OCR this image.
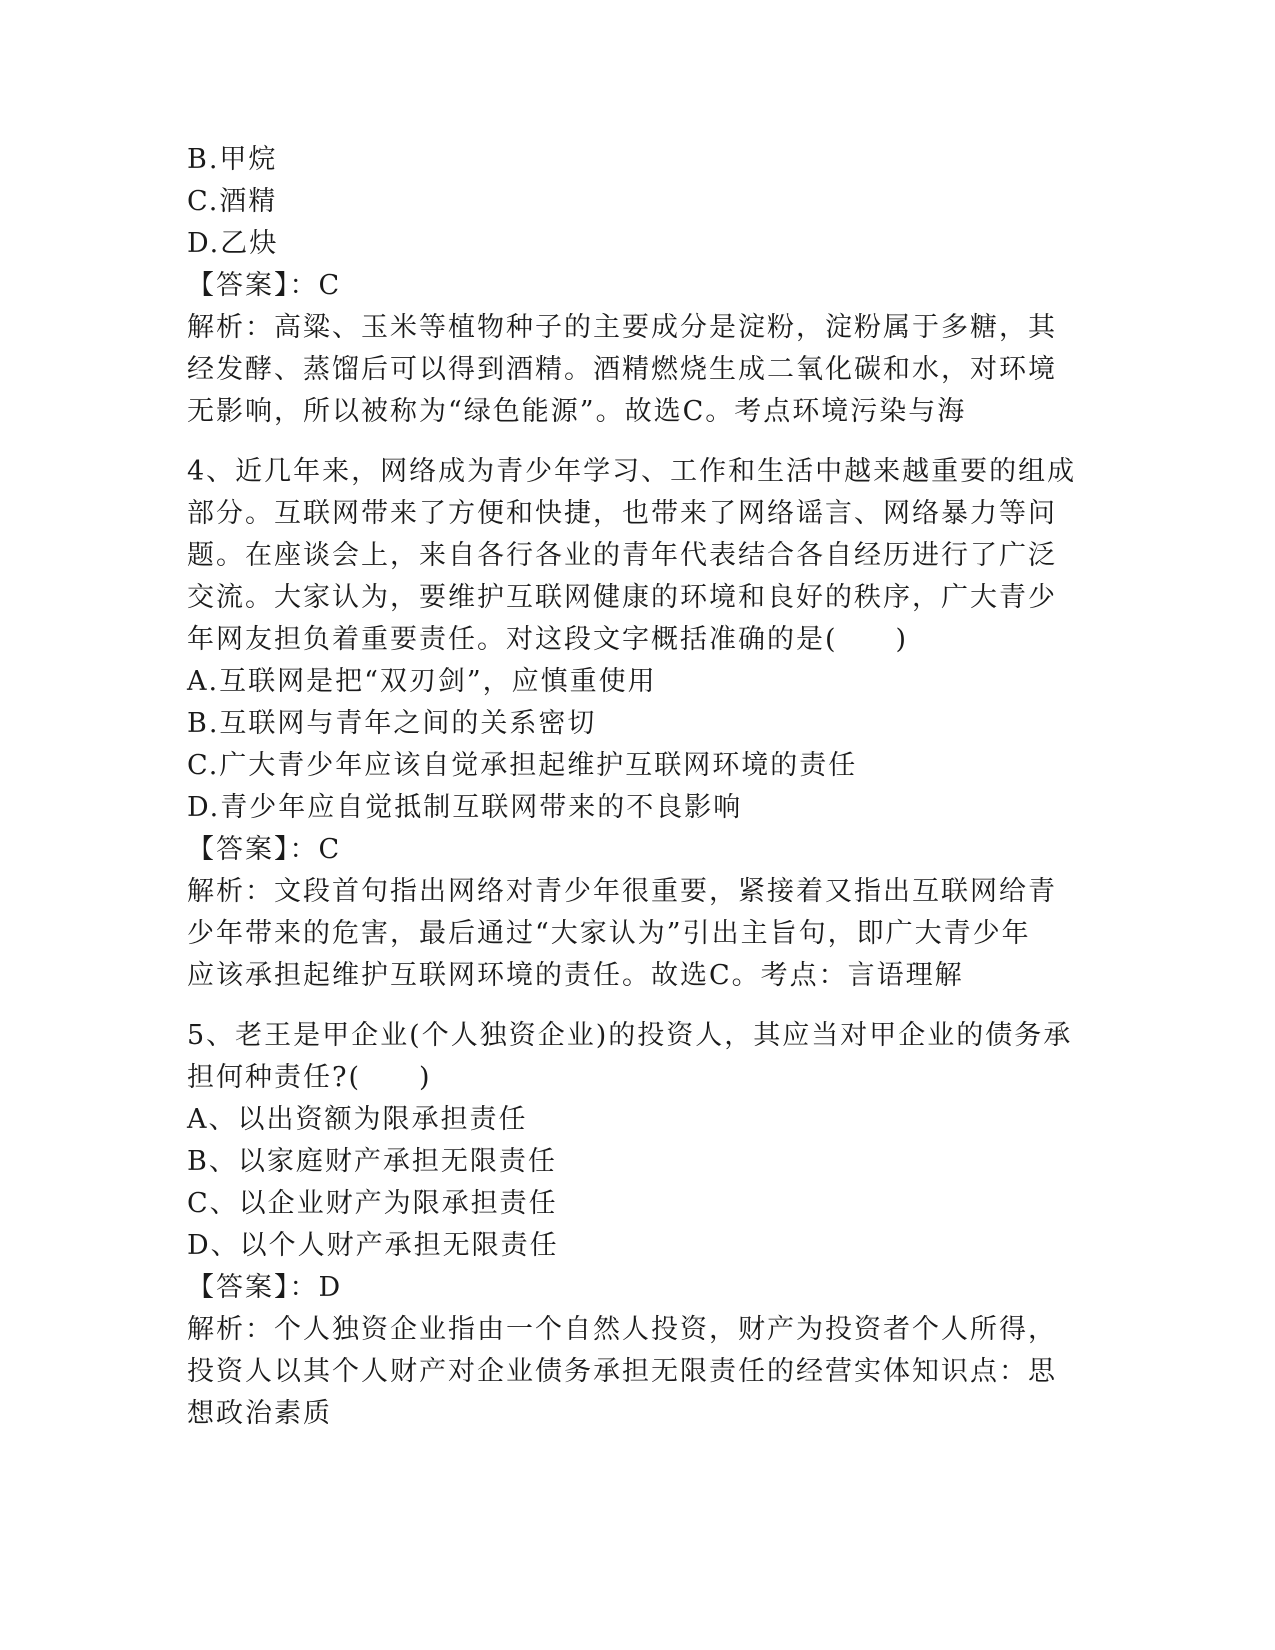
B.甲烷
C.酒精
D.乙炔
【答案】：C
解析：高粱、玉米等植物种子的主要成分是淀粉，淀粉属于多糖，其
经发酵、蒸馏后可以得到酒精。酒精燃烧生成二氧化碳和水，对环境
无影响，所以被称为“绿色能源”。故选C。考点环境污染与海
4、近几年来，网络成为青少年学习、工作和生活中越来越重要的组成
部分。互联网带来了方便和快捷，也带来了网络谣言、网络暴力等问
题。在座谈会上，来自各行各业的青年代表结合各自经历进行了广泛
交流。大家认为，要维护互联网健康的环境和良好的秩序，广大青少
年网友担负着重要责任。对这段文字概括准确的是(　　)
A.互联网是把“双刃剑”，应慎重使用
B.互联网与青年之间的关系密切
C.广大青少年应该自觉承担起维护互联网环境的责任
D.青少年应自觉抵制互联网带来的不良影响
【答案】：C
解析：文段首句指出网络对青少年很重要，紧接着又指出互联网给青
少年带来的危害，最后通过“大家认为”引出主旨句，即广大青少年
应该承担起维护互联网环境的责任。故选C。考点：言语理解
5、老王是甲企业(个人独资企业)的投资人，其应当对甲企业的债务承
担何种责任?(　　)
A、以出资额为限承担责任
B、以家庭财产承担无限责任
C、以企业财产为限承担责任
D、以个人财产承担无限责任
【答案】：D
解析：个人独资企业指由一个自然人投资，财产为投资者个人所得，
投资人以其个人财产对企业债务承担无限责任的经营实体知识点：思
想政治素质
